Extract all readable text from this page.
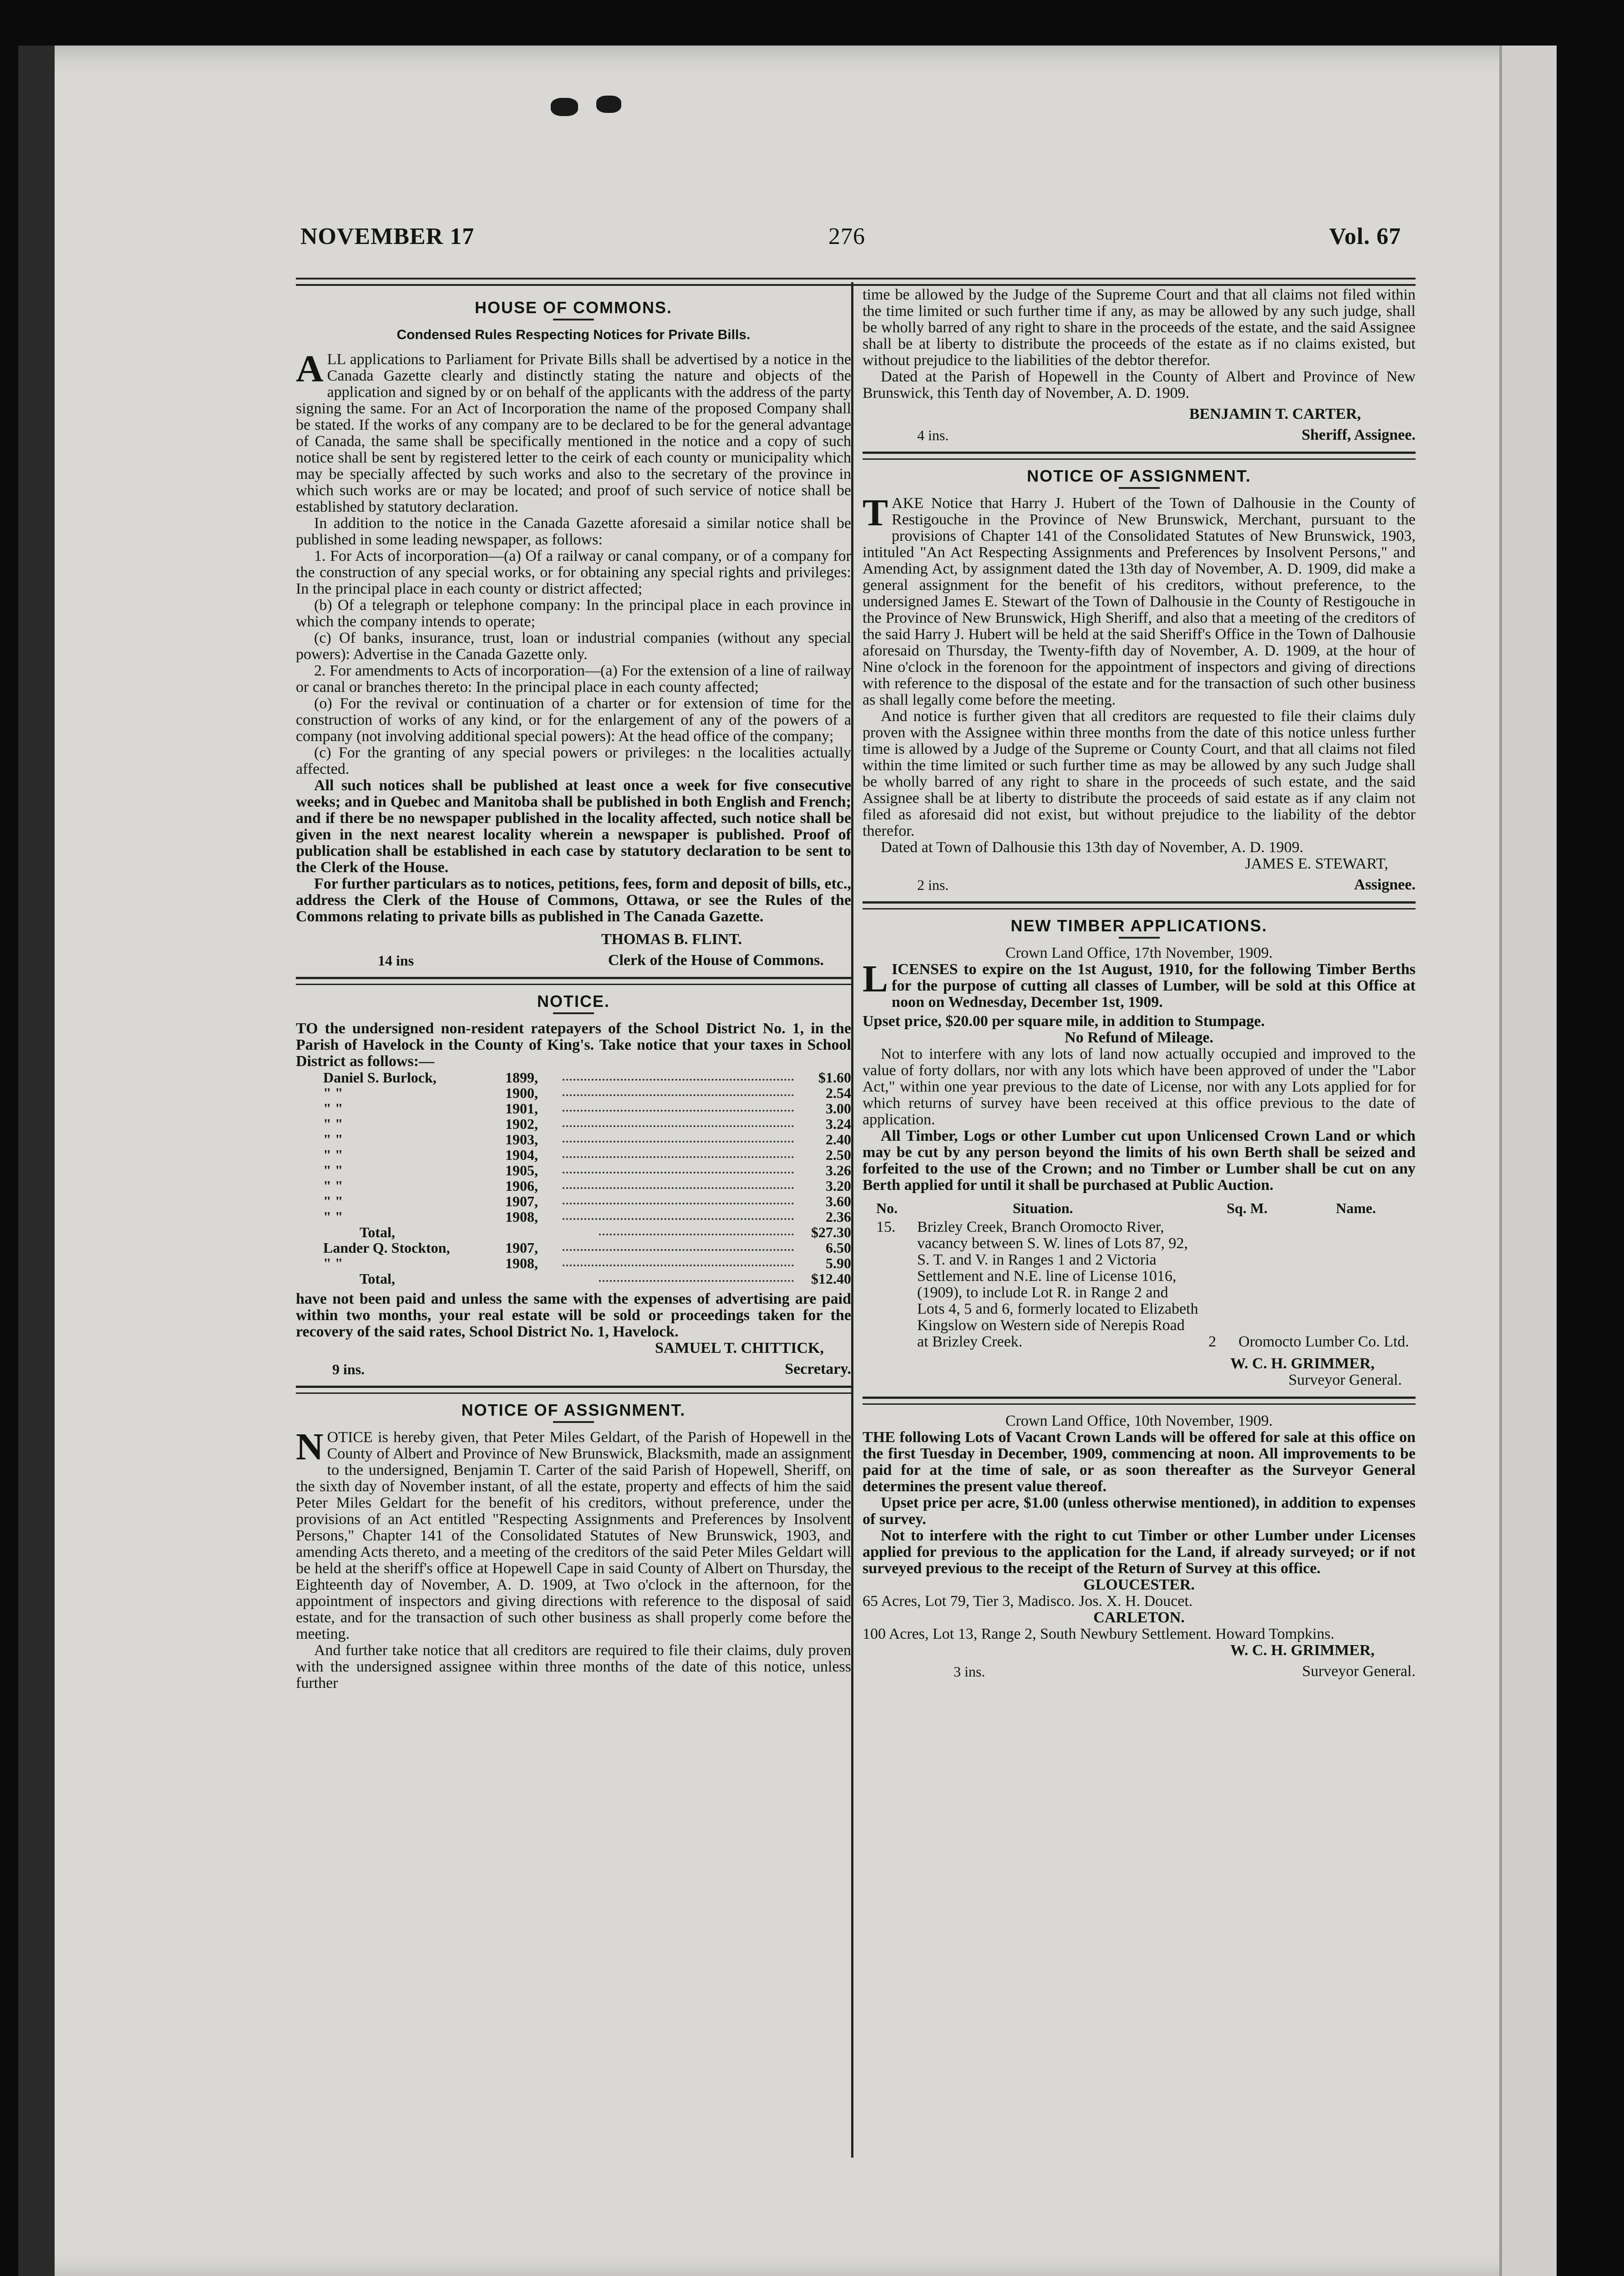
NOVEMBER 17	276	Vol. 67
HOUSE OF COMMONS.
Condensed Rules Respecting Notices for Private Bills.

ALL applications to Parliament for Private Bills shall be advertised by a notice in the Canada Gazette clearly and distinctly stating the nature and objects of the application and signed by or on behalf of the applicants with the address of the party signing the same. For an Act of Incorporation the name of the proposed Company shall be stated. If the works of any company are to be declared to be for the general advantage of Canada, the same shall be specifically mentioned in the notice and a copy of such notice shall be sent by registered letter to the ceirk of each county or municipality which may be specially affected by such works and also to the secretary of the province in which such works are or may be located; and proof of such service of notice shall be established by statutory declaration.

In addition to the notice in the Canada Gazette aforesaid a similar notice shall be published in some leading newspaper, as follows:

1. For Acts of incorporation—(a) Of a railway or canal company, or of a company for the construction of any special works, or for obtaining any special rights and privileges: In the principal place in each county or district affected;

(b) Of a telegraph or telephone company: In the principal place in each province in which the company intends to operate;

(c) Of banks, insurance, trust, loan or industrial companies (without any special powers): Advertise in the Canada Gazette only.

2. For amendments to Acts of incorporation—(a) For the extension of a line of railway or canal or branches thereto: In the principal place in each county affected;

(o) For the revival or continuation of a charter or for extension of time for the construction of works of any kind, or for the enlargement of any of the powers of a company (not involving additional special powers): At the head office of the company;

(c) For the granting of any special powers or privileges: n the localities actually affected.

All such notices shall be published at least once a week for five consecutive weeks; and in Quebec and Manitoba shall be published in both English and French; and if there be no newspaper published in the locality affected, such notice shall be given in the next nearest locality wherein a newspaper is published. Proof of publication shall be established in each case by statutory declaration to be sent to the Clerk of the House.

For further particulars as to notices, petitions, fees, form and deposit of bills, etc., address the Clerk of the House of Commons, Ottawa, or see the Rules of the Commons relating to private bills as published in The Canada Gazette.

THOMAS B. FLINT.
14 ins	Clerk of the House of Commons.
NOTICE.

TO the undersigned non-resident ratepayers of the School District No. 1, in the Parish of Havelock in the County of King's. Take notice that your taxes in School District as follows:—

Daniel S. Burlock,	1899,	$1.60
" "	1900,	2.54
" "	1901,	3.00
" "	1902,	3.24
" "	1903,	2.40
" "	1904,	2.50
" "	1905,	3.26
" "	1906,	3.20
" "	1907,	3.60
" "	1908,	2.36
Total,	$27.30
Lander Q. Stockton,	1907,	6.50
" "	1908,	5.90
Total,	$12.40

have not been paid and unless the same with the expenses of advertising are paid within two months, your real estate will be sold or proceedings taken for the recovery of the said rates, School District No. 1, Havelock.

SAMUEL T. CHITTICK,
9 ins.	Secretary.
NOTICE OF ASSIGNMENT.

NOTICE is hereby given, that Peter Miles Geldart, of the Parish of Hopewell in the County of Albert and Province of New Brunswick, Blacksmith, made an assignment to the undersigned, Benjamin T. Carter of the said Parish of Hopewell, Sheriff, on the sixth day of November instant, of all the estate, property and effects of him the said Peter Miles Geldart for the benefit of his creditors, without preference, under the provisions of an Act entitled "Respecting Assignments and Preferences by Insolvent Persons," Chapter 141 of the Consolidated Statutes of New Brunswick, 1903, and amending Acts thereto, and a meeting of the creditors of the said Peter Miles Geldart will be held at the sheriff's office at Hopewell Cape in said County of Albert on Thursday, the Eighteenth day of November, A. D. 1909, at Two o'clock in the afternoon, for the appointment of inspectors and giving directions with reference to the disposal of said estate, and for the transaction of such other business as shall properly come before the meeting.

And further take notice that all creditors are required to file their claims, duly proven with the undersigned assignee within three months of the date of this notice, unless further

time be allowed by the Judge of the Supreme Court and that all claims not filed within the time limited or such further time if any, as may be allowed by any such judge, shall be wholly barred of any right to share in the proceeds of the estate, and the said Assignee shall be at liberty to distribute the proceeds of the estate as if no claims existed, but without prejudice to the liabilities of the debtor therefor.

Dated at the Parish of Hopewell in the County of Albert and Province of New Brunswick, this Tenth day of November, A. D. 1909.

BENJAMIN T. CARTER,
4 ins.	Sheriff, Assignee.
NOTICE OF ASSIGNMENT.

TAKE Notice that Harry J. Hubert of the Town of Dalhousie in the County of Restigouche in the Province of New Brunswick, Merchant, pursuant to the provisions of Chapter 141 of the Consolidated Statutes of New Brunswick, 1903, intituled "An Act Respecting Assignments and Preferences by Insolvent Persons," and Amending Act, by assignment dated the 13th day of November, A. D. 1909, did make a general assignment for the benefit of his creditors, without preference, to the undersigned James E. Stewart of the Town of Dalhousie in the County of Restigouche in the Province of New Brunswick, High Sheriff, and also that a meeting of the creditors of the said Harry J. Hubert will be held at the said Sheriff's Office in the Town of Dalhousie aforesaid on Thursday, the Twenty-fifth day of November, A. D. 1909, at the hour of Nine o'clock in the forenoon for the appointment of inspectors and giving of directions with reference to the disposal of the estate and for the transaction of such other business as shall legally come before the meeting.

And notice is further given that all creditors are requested to file their claims duly proven with the Assignee within three months from the date of this notice unless further time is allowed by a Judge of the Supreme or County Court, and that all claims not filed within the time limited or such further time as may be allowed by any such Judge shall be wholly barred of any right to share in the proceeds of such estate, and the said Assignee shall be at liberty to distribute the proceeds of said estate as if any claim not filed as aforesaid did not exist, but without prejudice to the liability of the debtor therefor.

Dated at Town of Dalhousie this 13th day of November, A. D. 1909.

JAMES E. STEWART,
2 ins.	Assignee.
NEW TIMBER APPLICATIONS.
Crown Land Office, 17th November, 1909.

LICENSES to expire on the 1st August, 1910, for the following Timber Berths for the purpose of cutting all classes of Lumber, will be sold at this Office at noon on Wednesday, December 1st, 1909.

Upset price, $20.00 per square mile, in addition to Stumpage.

No Refund of Mileage.

Not to interfere with any lots of land now actually occupied and improved to the value of forty dollars, nor with any lots which have been approved of under the "Labor Act," within one year previous to the date of License, nor with any Lots applied for for which returns of survey have been received at this office previous to the date of application.

All Timber, Logs or other Lumber cut upon Unlicensed Crown Land or which may be cut by any person beyond the limits of his own Berth shall be seized and forfeited to the use of the Crown; and no Timber or Lumber shall be cut on any Berth applied for until it shall be purchased at Public Auction.

No.	Situation.	Sq. M.	Name.
15.	Brizley Creek, Branch Oromocto River, vacancy between S. W. lines of Lots 87, 92, S. T. and V. in Ranges 1 and 2 Victoria Settlement and N.E. line of License 1016, (1909), to include Lot R. in Range 2 and Lots 4, 5 and 6, formerly located to Elizabeth Kingslow on Western side of Nerepis Road at Brizley Creek.	2	Oromocto Lumber Co. Ltd.
W. C. H. GRIMMER,
Surveyor General.
Crown Land Office, 10th November, 1909.

THE following Lots of Vacant Crown Lands will be offered for sale at this office on the first Tuesday in December, 1909, commencing at noon. All improvements to be paid for at the time of sale, or as soon thereafter as the Surveyor General determines the present value thereof.

Upset price per acre, $1.00 (unless otherwise mentioned), in addition to expenses of survey.

Not to interfere with the right to cut Timber or other Lumber under Licenses applied for previous to the application for the Land, if already surveyed; or if not surveyed previous to the receipt of the Return of Survey at this office.

GLOUCESTER.

65 Acres, Lot 79, Tier 3, Madisco. Jos. X. H. Doucet.

CARLETON.

100 Acres, Lot 13, Range 2, South Newbury Settlement. Howard Tompkins.

W. C. H. GRIMMER,
3 ins.	Surveyor General.
